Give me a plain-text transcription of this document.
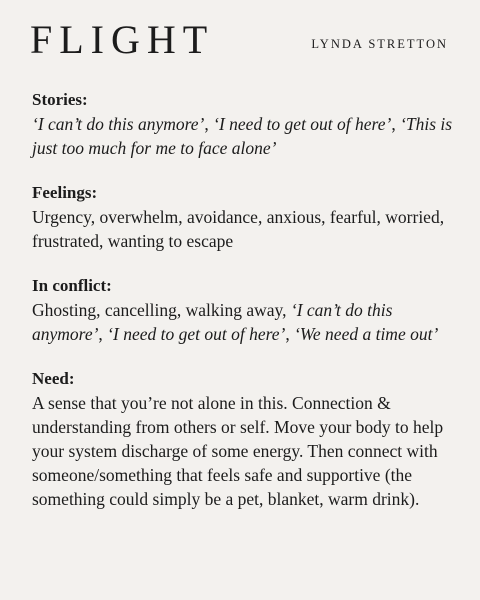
FLIGHT	LYNDA STRETTON

Stories:

‘I can’t do this anymore’, ‘I need to get out of here’, ‘This is just too much for me to face alone’

Feelings:

Urgency, overwhelm, avoidance, anxious, fearful, worried, frustrated, wanting to escape

In conflict:

Ghosting, cancelling, walking away, ‘I can’t do this anymore’, ‘I need to get out of here’, ‘We need a time out’

Need:

A sense that you’re not alone in this. Connection & understanding from others or self. Move your body to help your system discharge of some energy. Then connect with someone/something that feels safe and supportive (the something could simply be a pet, blanket, warm drink).
